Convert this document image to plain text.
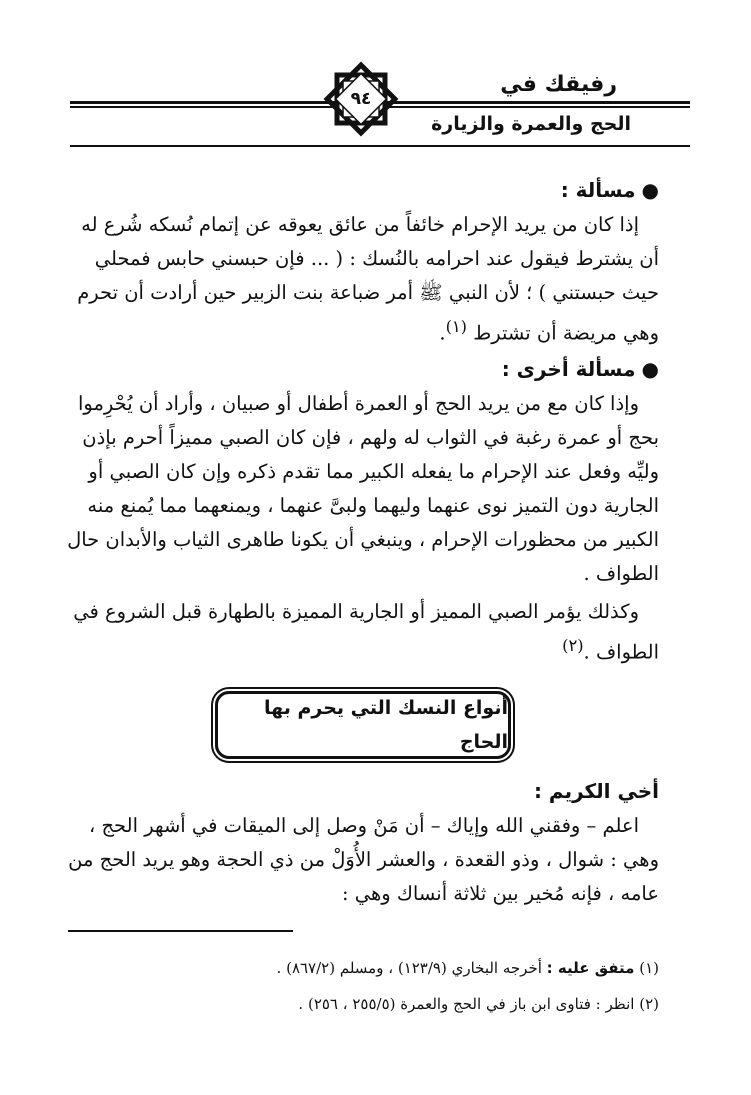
رفيقك في
الحج والعمرة والزيارة
٩٤

●مسألة :

إذا كان من يريد الإحرام خائفاً من عائق يعوقه عن إتمام نُسكه شُرع له أن يشترط فيقول عند احرامه بالنُسك : ( ... فإن حبسني حابس فمحلي حيث حبستني ) ؛ لأن النبي ﷺ أمر ضباعة بنت الزبير حين أرادت أن تحرم وهي مريضة أن تشترط $^{(١)}$.

●مسألة أخرى :

وإذا كان مع من يريد الحج أو العمرة أطفال أو صبيان ، وأراد أن يُحْرِموا بحج أو عمرة رغبة في الثواب له ولهم ، فإن كان الصبي مميزاً أحرم بإذن وليِّه وفعل عند الإحرام ما يفعله الكبير مما تقدم ذكره وإن كان الصبي أو الجارية دون التميز نوى عنهما وليهما ولبىَّ عنهما ، ويمنعهما مما يُمنع منه الكبير من محظورات الإحرام ، وينبغي أن يكونا طاهرى الثياب والأبدان حال الطواف .

وكذلك يؤمر الصبي المميز أو الجارية المميزة بالطهارة قبل الشروع في الطواف .$^{(٢)}$

أنواع النسك التي يحرم بها الحاج

أخي الكريم :

اعلم – وفقني الله وإياك – أن مَنْ وصل إلى الميقات في أشهر الحج ، وهي : شوال ، وذو القعدة ، والعشر الأُوَلْ من ذي الحجة وهو يريد الحج من عامه ، فإنه مُخير بين ثلاثة أنساك وهي :

(١) متفق عليه : أخرجه البخاري (١٢٣/٩) ، ومسلم (٨٦٧/٢) .
(٢) انظر : فتاوى ابن باز في الحج والعمرة (٢٥٥/٥ ، ٢٥٦) .
